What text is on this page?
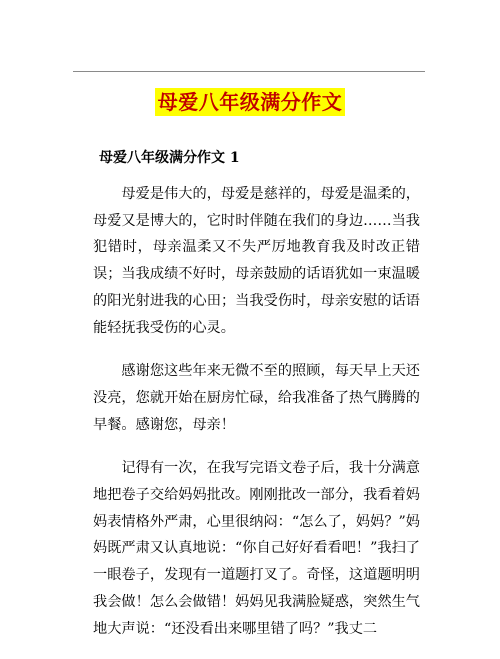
母爱八年级满分作文
母爱八年级满分作文 1

母爱是伟大的，母爱是慈祥的，母爱是温柔的，母爱又是博大的，它时时伴随在我们的身边……当我犯错时，母亲温柔又不失严厉地教育我及时改正错误；当我成绩不好时，母亲鼓励的话语犹如一束温暖的阳光射进我的心田；当我受伤时，母亲安慰的话语能轻抚我受伤的心灵。

感谢您这些年来无微不至的照顾，每天早上天还没亮，您就开始在厨房忙碌，给我准备了热气腾腾的早餐。感谢您，母亲！

记得有一次，在我写完语文卷子后，我十分满意地把卷子交给妈妈批改。刚刚批改一部分，我看着妈妈表情格外严肃，心里很纳闷：“怎么了，妈妈？”妈妈既严肃又认真地说：“你自己好好看看吧！”我扫了一眼卷子，发现有一道题打叉了。奇怪，这道题明明我会做！怎么会做错！妈妈见我满脸疑惑，突然生气地大声说：“还没看出来哪里错了吗？”我丈二
